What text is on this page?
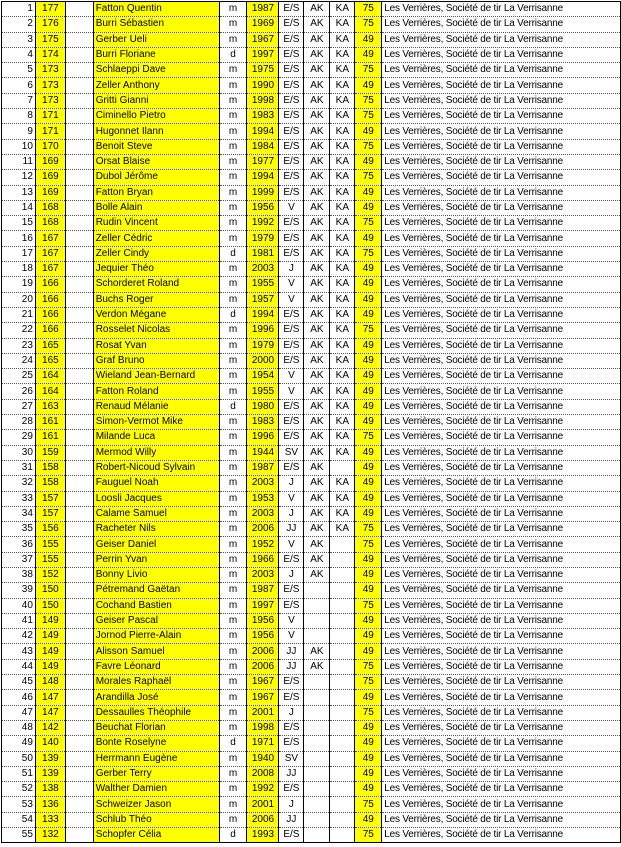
1	177		Fatton Quentin	m	1987	E/S	AK	KA	75	Les Verrières, Société de tir La Verrisanne
2	176		Burri Sébastien	m	1969	E/S	AK	KA	75	Les Verrières, Société de tir La Verrisanne
3	175		Gerber Ueli	m	1967	E/S	AK	KA	49	Les Verrières, Société de tir La Verrisanne
4	174		Burri Floriane	d	1997	E/S	AK	KA	49	Les Verrières, Société de tir La Verrisanne
5	173		Schlaeppi Dave	m	1975	E/S	AK	KA	75	Les Verrières, Société de tir La Verrisanne
6	173		Zeller Anthony	m	1990	E/S	AK	KA	49	Les Verrières, Société de tir La Verrisanne
7	173		Gritti Gianni	m	1998	E/S	AK	KA	75	Les Verrières, Société de tir La Verrisanne
8	171		Ciminello Pietro	m	1983	E/S	AK	KA	75	Les Verrières, Société de tir La Verrisanne
9	171		Hugonnet Ilann	m	1994	E/S	AK	KA	49	Les Verrières, Société de tir La Verrisanne
10	170		Benoit Steve	m	1984	E/S	AK	KA	75	Les Verrières, Société de tir La Verrisanne
11	169		Orsat Blaise	m	1977	E/S	AK	KA	49	Les Verrières, Société de tir La Verrisanne
12	169		Dubol Jérôme	m	1994	E/S	AK	KA	75	Les Verrières, Société de tir La Verrisanne
13	169		Fatton Bryan	m	1999	E/S	AK	KA	49	Les Verrières, Société de tir La Verrisanne
14	168		Bolle Alain	m	1956	V	AK	KA	49	Les Verrières, Société de tir La Verrisanne
15	168		Rudin Vincent	m	1992	E/S	AK	KA	75	Les Verrières, Société de tir La Verrisanne
16	167		Zeller Cédric	m	1979	E/S	AK	KA	49	Les Verrières, Société de tir La Verrisanne
17	167		Zeller Cindy	d	1981	E/S	AK	KA	75	Les Verrières, Société de tir La Verrisanne
18	167		Jequier Théo	m	2003	J	AK	KA	49	Les Verrières, Société de tir La Verrisanne
19	166		Schorderet Roland	m	1955	V	AK	KA	49	Les Verrières, Société de tir La Verrisanne
20	166		Buchs Roger	m	1957	V	AK	KA	49	Les Verrières, Société de tir La Verrisanne
21	166		Verdon Mégane	d	1994	E/S	AK	KA	49	Les Verrières, Société de tir La Verrisanne
22	166		Rosselet Nicolas	m	1996	E/S	AK	KA	75	Les Verrières, Société de tir La Verrisanne
23	165		Rosat Yvan	m	1979	E/S	AK	KA	49	Les Verrières, Société de tir La Verrisanne
24	165		Graf Bruno	m	2000	E/S	AK	KA	49	Les Verrières, Société de tir La Verrisanne
25	164		Wieland Jean-Bernard	m	1954	V	AK	KA	49	Les Verrières, Société de tir La Verrisanne
26	164		Fatton Roland	m	1955	V	AK	KA	49	Les Verrières, Société de tir La Verrisanne
27	163		Renaud Mélanie	d	1980	E/S	AK	KA	49	Les Verrières, Société de tir La Verrisanne
28	161		Simon-Vermot Mike	m	1983	E/S	AK	KA	49	Les Verrières, Société de tir La Verrisanne
29	161		Milande Luca	m	1996	E/S	AK	KA	75	Les Verrières, Société de tir La Verrisanne
30	159		Mermod Willy	m	1944	SV	AK	KA	49	Les Verrières, Société de tir La Verrisanne
31	158		Robert-Nicoud Sylvain	m	1987	E/S	AK		49	Les Verrières, Société de tir La Verrisanne
32	158		Fauguel Noah	m	2003	J	AK	KA	49	Les Verrières, Société de tir La Verrisanne
33	157		Loosli Jacques	m	1953	V	AK	KA	49	Les Verrières, Société de tir La Verrisanne
34	157		Calame Samuel	m	2003	J	AK	KA	49	Les Verrières, Société de tir La Verrisanne
35	156		Racheter Nils	m	2006	JJ	AK	KA	75	Les Verrières, Société de tir La Verrisanne
36	155		Geiser Daniel	m	1952	V	AK		75	Les Verrières, Société de tir La Verrisanne
37	155		Perrin Yvan	m	1966	E/S	AK		49	Les Verrières, Société de tir La Verrisanne
38	152		Bonny Livio	m	2003	J	AK		49	Les Verrières, Société de tir La Verrisanne
39	150		Pétremand Gaëtan	m	1987	E/S			49	Les Verrières, Société de tir La Verrisanne
40	150		Cochand Bastien	m	1997	E/S			75	Les Verrières, Société de tir La Verrisanne
41	149		Geiser Pascal	m	1956	V			49	Les Verrières, Société de tir La Verrisanne
42	149		Jornod Pierre-Alain	m	1956	V			49	Les Verrières, Société de tir La Verrisanne
43	149		Alisson Samuel	m	2006	JJ	AK		49	Les Verrières, Société de tir La Verrisanne
44	149		Favre Léonard	m	2006	JJ	AK		75	Les Verrières, Société de tir La Verrisanne
45	148		Morales Raphaël	m	1967	E/S			75	Les Verrières, Société de tir La Verrisanne
46	147		Arandilla José	m	1967	E/S			49	Les Verrières, Société de tir La Verrisanne
47	147		Dessaulles Théophile	m	2001	J			75	Les Verrières, Société de tir La Verrisanne
48	142		Beuchat Florian	m	1998	E/S			49	Les Verrières, Société de tir La Verrisanne
49	140		Bonte Roselyne	d	1971	E/S			49	Les Verrières, Société de tir La Verrisanne
50	139		Herrmann Eugène	m	1940	SV			49	Les Verrières, Société de tir La Verrisanne
51	139		Gerber Terry	m	2008	JJ			49	Les Verrières, Société de tir La Verrisanne
52	138		Walther Damien	m	1992	E/S			49	Les Verrières, Société de tir La Verrisanne
53	136		Schweizer Jason	m	2001	J			75	Les Verrières, Société de tir La Verrisanne
54	133		Schlub Théo	m	2006	JJ			49	Les Verrières, Société de tir La Verrisanne
55	132		Schopfer Célia	d	1993	E/S			75	Les Verrières, Société de tir La Verrisanne
